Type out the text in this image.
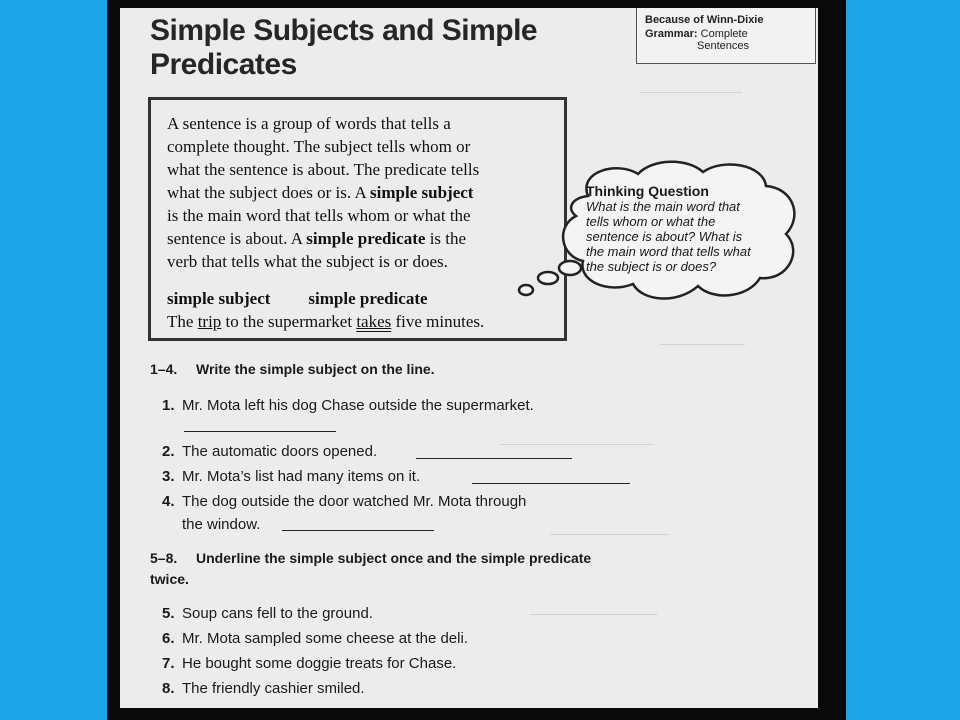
────────────
──────────
──────────────────
──────────────
───────────────
Simple Subjects and Simple
Predicates
Because of Winn-Dixie
Grammar: Complete
Sentences
A sentence is a group of words that tells a
complete thought. The subject tells whom or
what the sentence is about. The predicate tells
what the subject does or is. A simple subject
is the main word that tells whom or what the
sentence is about. A simple predicate is the
verb that tells what the subject is or does.
simple subject simple predicate
The trip to the supermarket takes five minutes.
Thinking Question
What is the main word that
tells whom or what the
sentence is about? What is
the main word that tells what
the subject is or does?
1–4. Write the simple subject on the line.
1. Mr. Mota left his dog Chase outside the supermarket.
2. The automatic doors opened.
3. Mr. Mota’s list had many items on it.
4. The dog outside the door watched Mr. Mota through
the window.
5–8. Underline the simple subject once and the simple predicate
twice.
5. Soup cans fell to the ground.
6. Mr. Mota sampled some cheese at the deli.
7. He bought some doggie treats for Chase.
8. The friendly cashier smiled.
